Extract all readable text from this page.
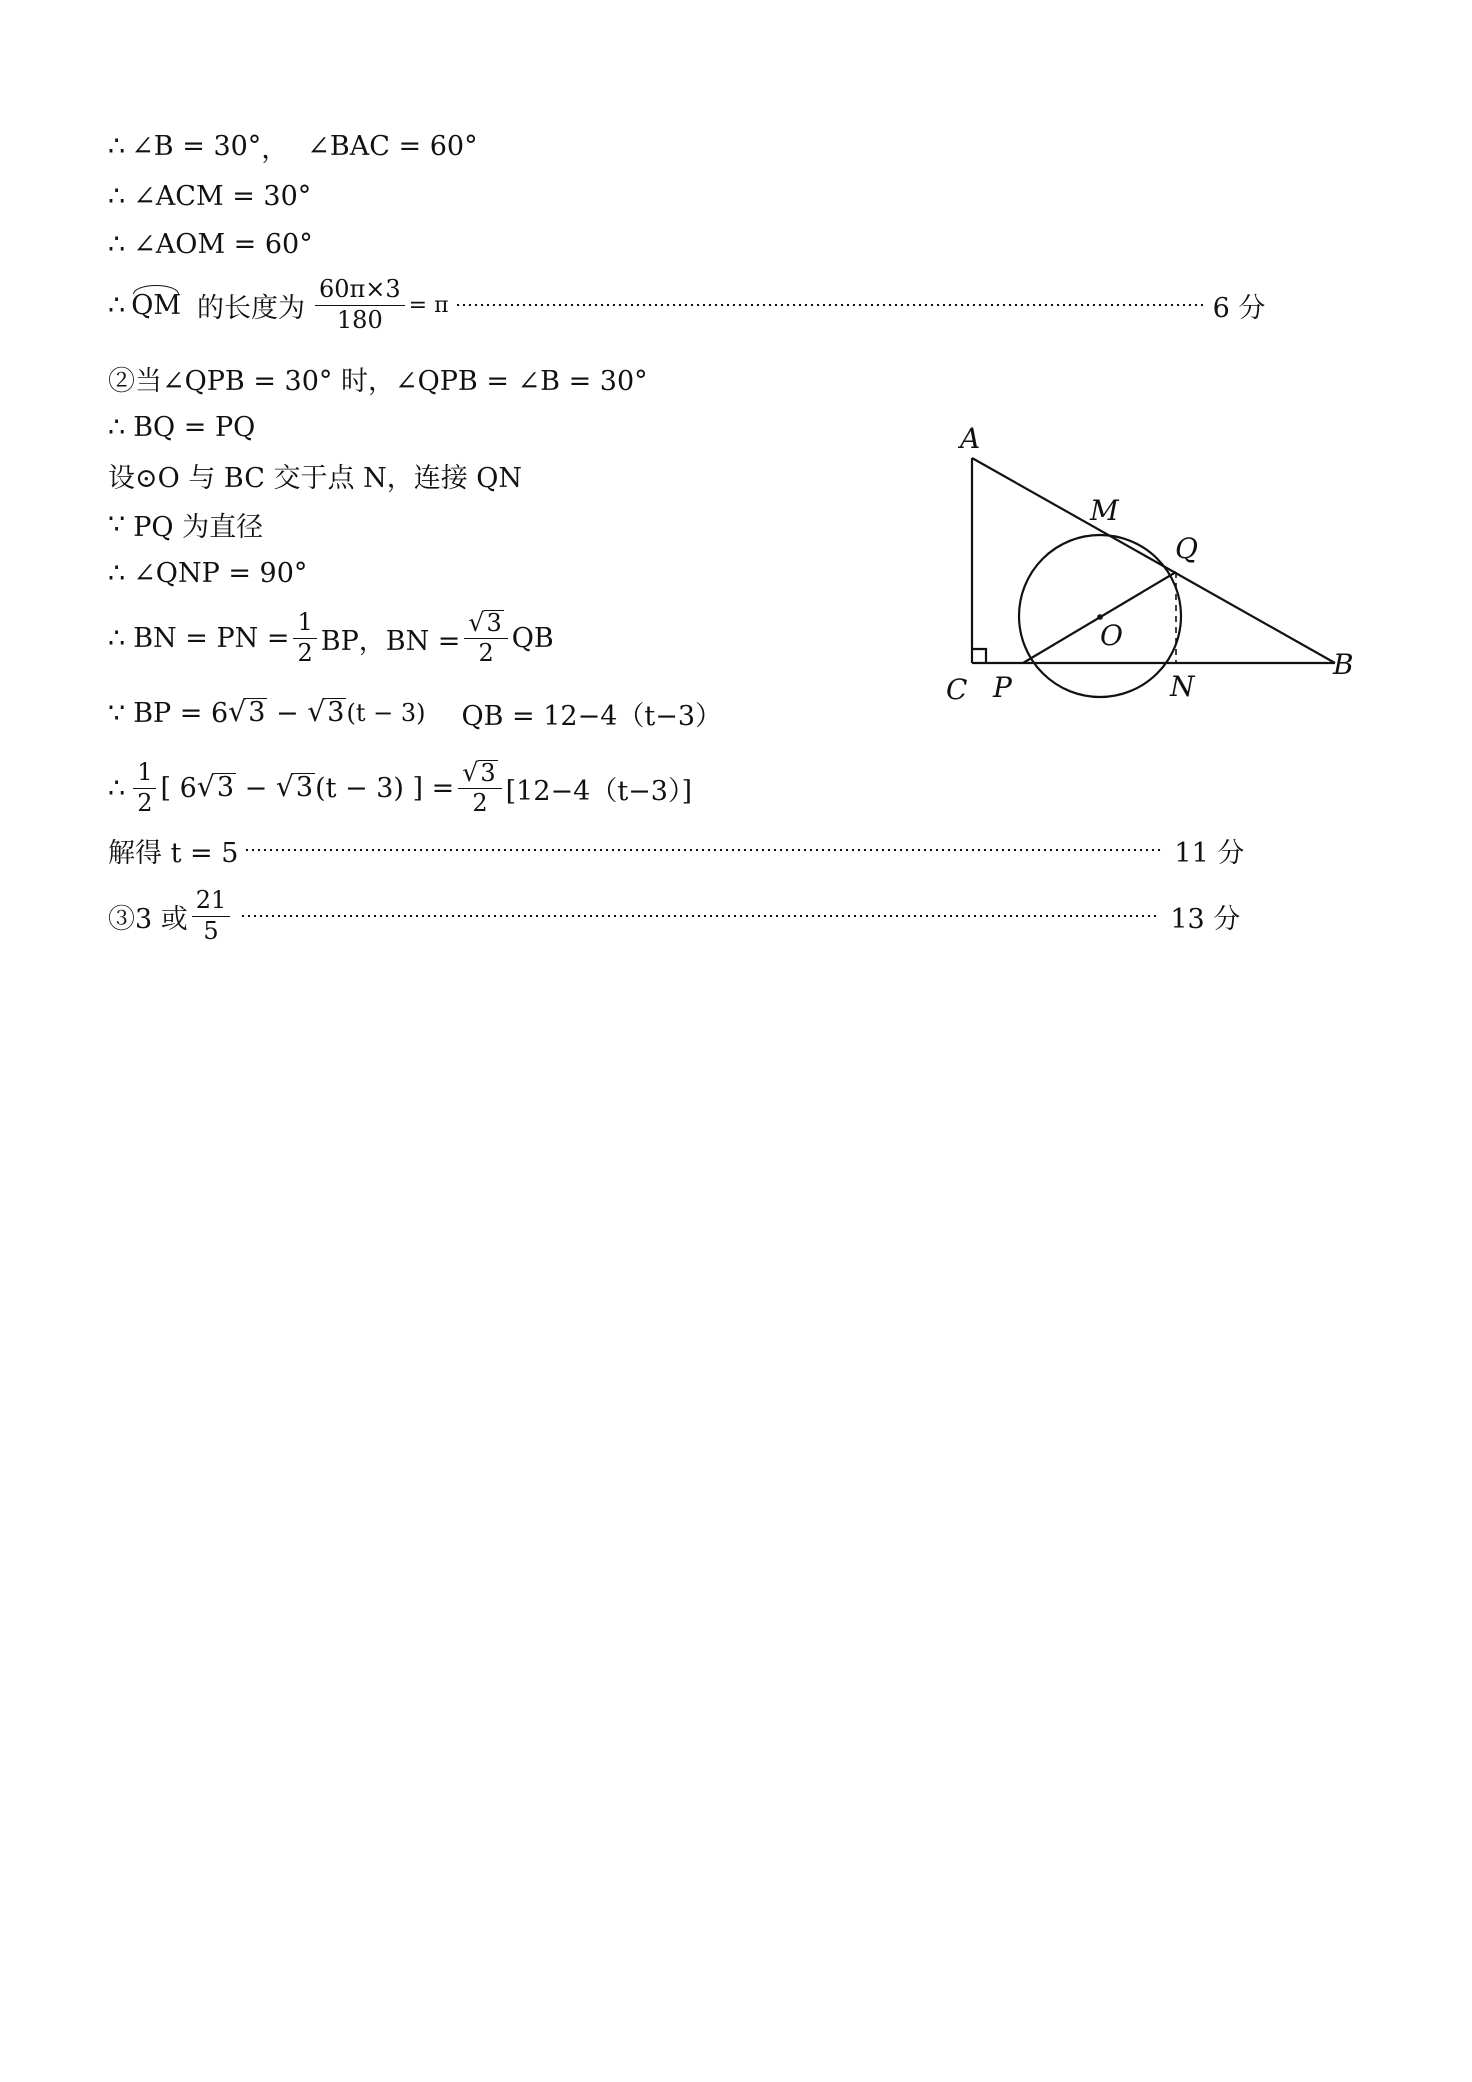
∴ ∠B = 30° ， ∠BAC = 60°
∴ ∠ACM = 30°
∴ ∠AOM = 60°
∴ QM 的长度为 $\frac{60\pi\times 3}{180} = \pi$	6 分
②当∠QPB = 30° 时，∠QPB = ∠B = 30°
∴ BQ = PQ
设⊙O 与 BC 交于点 N，连接 QN
∵ PQ 为直径
∴ ∠QNP = 90°
∴ BN = PN = $\frac{1}{2}$ BP，BN = $\frac{√ 3}{2}$ QB
∵ BP = 6 √ 3 − √ 3 (t − 3) QB = 12−4（t−3）
∴ $\frac{1}{2}$ [ 6 √ 3 − √ 3 (t − 3) ] = $\frac{√ 3}{2} [12-4(t-3)]$
解得 t = 5	11 分
③3 或 $\frac{21}{5}$	13 分
A
M
Q
O
B
C P	N
